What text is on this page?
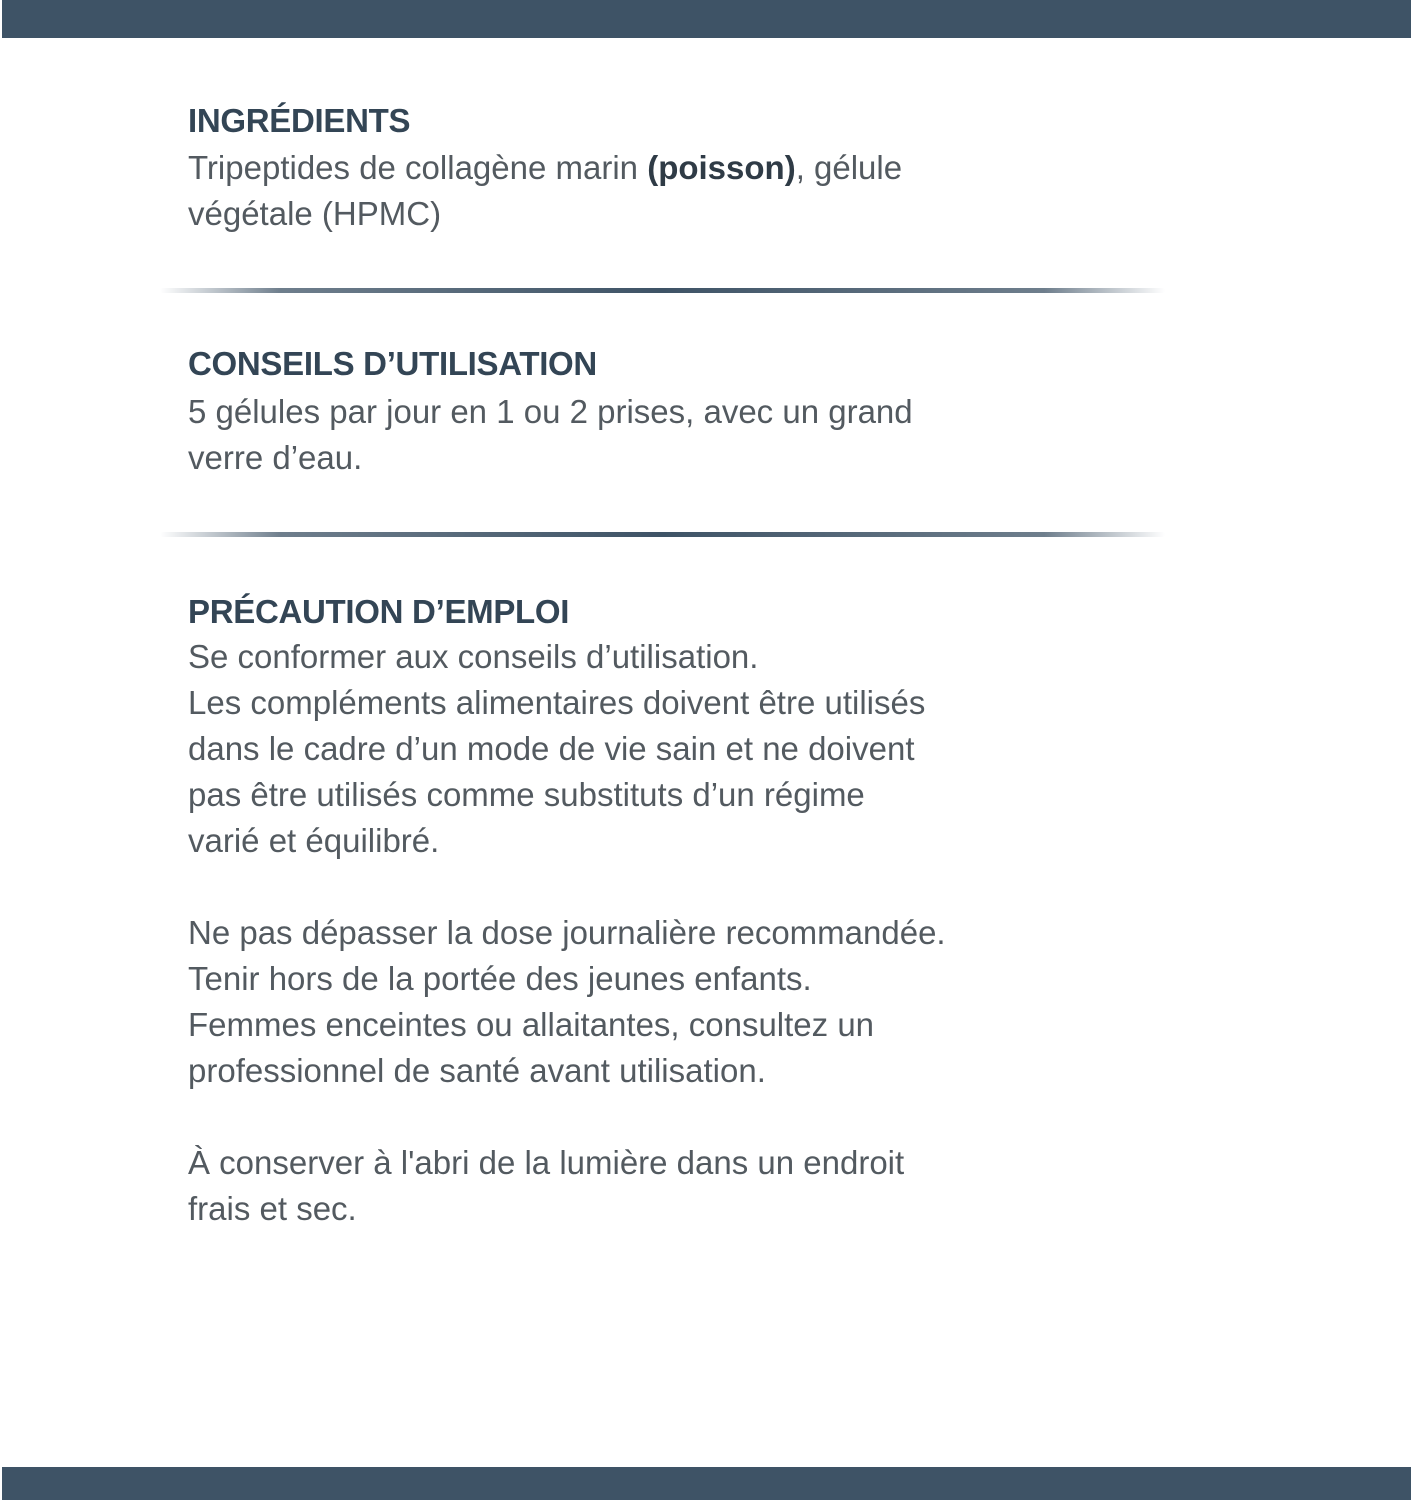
INGRÉDIENTS

Tripeptides de collagène marin (poisson), gélule
végétale (HPMC)

CONSEILS D’UTILISATION

5 gélules par jour en 1 ou 2 prises, avec un grand
verre d’eau.

PRÉCAUTION D’EMPLOI

Se conformer aux conseils d’utilisation.
Les compléments alimentaires doivent être utilisés
dans le cadre d’un mode de vie sain et ne doivent
pas être utilisés comme substituts d’un régime
varié et équilibré.

Ne pas dépasser la dose journalière recommandée.
Tenir hors de la portée des jeunes enfants.
Femmes enceintes ou allaitantes, consultez un
professionnel de santé avant utilisation.

À conserver à l'abri de la lumière dans un endroit
frais et sec.
